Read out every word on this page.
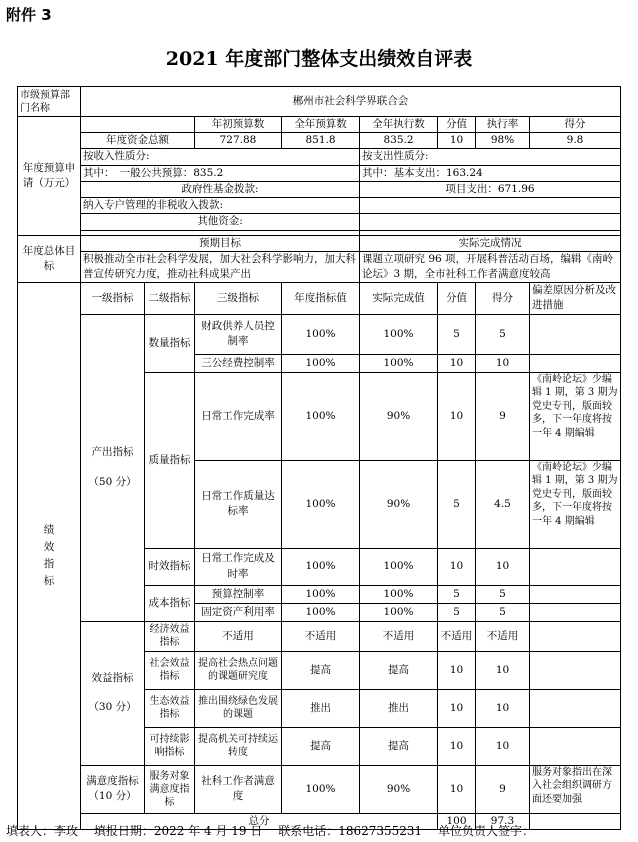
附件 3
2021 年度部门整体支出绩效自评表
市级预算部门名称	郴州市社会科学界联合会							
年度预算申请（万元）			年初预算数	全年预算数	全年执行数	分值	执行率	得分
	年度资金总额		727.88	851.8	835.2	10	98%	9.8
	按收入性质分:				按支出性质分:			
	其中：　一般公共预算：835.2				其中：基本支出：163.24			
	政府性基金拨款:				项目支出：671.96			
	纳入专户管理的非税收入拨款:							
	其他资金:							

年度总体目标	预期目标				实际完成情况			
	积极推动全市社会科学发展，加大社会科学影响力，加大科普宣传研究力度，推动社科成果产出				课题立项研究 96 项，开展科普活动百场，编辑《南岭论坛》3 期，全市社科工作者满意度较高			

绩效指标	一级指标	二级指标	三级指标	年度指标值	实际完成值	分值	得分	偏差原因分析及改进措施

	产出指标
（50 分）	数量指标	财政供养人员控制率	100%	100%	5	5	
			三公经费控制率	100%	100%	10	10	
		质量指标	日常工作完成率	100%	90%	10	9	《南岭论坛》少编辑 1 期，第 3 期为党史专刊，版面较多，下一年度将按一年 4 期编辑
			日常工作质量达标率	100%	90%	5	4.5	《南岭论坛》少编辑 1 期，第 3 期为党史专刊，版面较多，下一年度将按一年 4 期编辑
		时效指标	日常工作完成及时率	100%	100%	10	10	
		成本指标	预算控制率	100%	100%	5	5	
			固定资产利用率	100%	100%	5	5	

	效益指标
（30 分）	经济效益指标	不适用	不适用	不适用	不适用	不适用	
		社会效益指标	提高社会热点问题的课题研究度	提高	提高	10	10	
		生态效益指标	推出围绕绿色发展的课题	推出	推出	10	10	
		可持续影响指标	提高机关可持续运转度	提高	提高	10	10	

	满意度指标
（10 分）	服务对象满意度指标	社科工作者满意度	100%	90%	10	9	服务对象指出在深入社会组织调研方面还要加强
	总分					100	97.3	
填表人：李玫 填报日期：2022 年 4 月 19 日 联系电话：18627355231 单位负责人签字：
